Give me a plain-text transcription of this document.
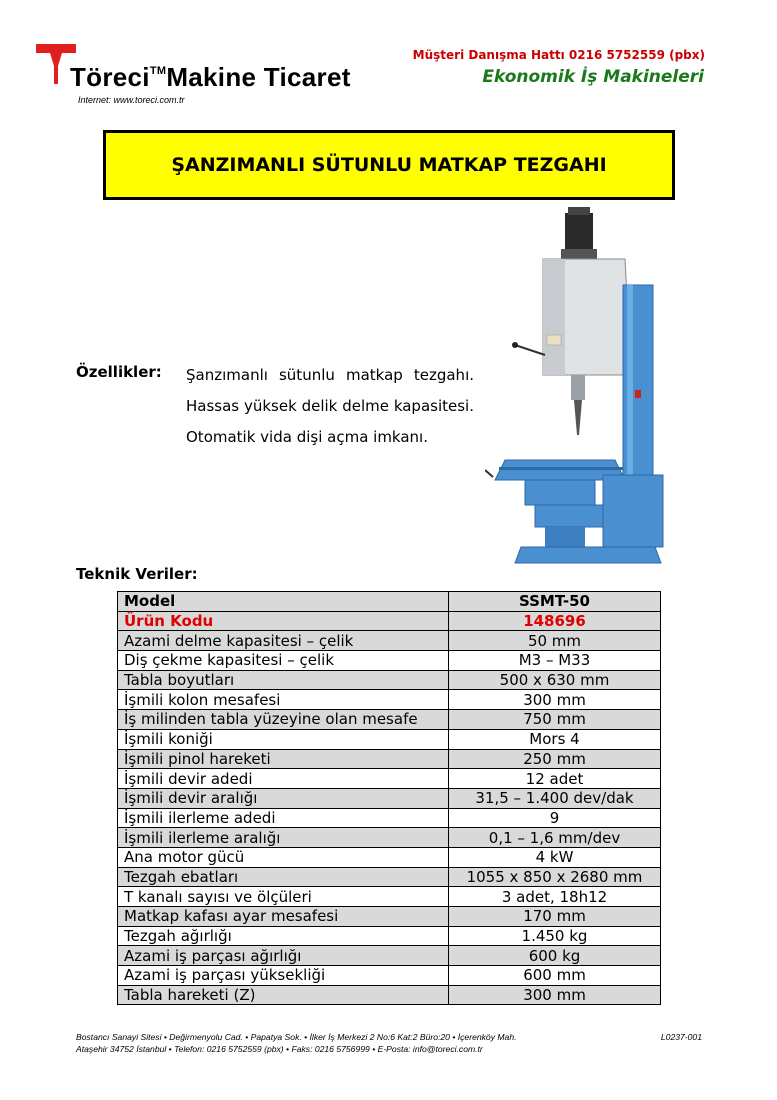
Töreci™Makine Ticaret
Internet: www.toreci.com.tr
Müşteri Danışma Hattı 0216 5752559 (pbx)
Ekonomik İş Makineleri
ŞANZIMANLI SÜTUNLU MATKAP TEZGAHI
Özellikler: Şanzımanlı sütunlu matkap tezgahı. Hassas yüksek delik delme kapasitesi. Otomatik vida dişi açma imkanı.
Teknik Veriler:
Model	SSMT-50
Ürün Kodu	148696
Azami delme kapasitesi – çelik	50 mm
Diş çekme kapasitesi – çelik	M3 – M33
Tabla boyutları	500 x 630 mm
İşmili kolon mesafesi	300 mm
İş milinden tabla yüzeyine olan mesafe	750 mm
İşmili koniği	Mors 4
İşmili pinol hareketi	250 mm
İşmili devir adedi	12 adet
İşmili devir aralığı	31,5 – 1.400 dev/dak
İşmili ilerleme adedi	9
İşmili ilerleme aralığı	0,1 – 1,6 mm/dev
Ana motor gücü	4 kW
Tezgah ebatları	1055 x 850 x 2680 mm
T kanalı sayısı ve ölçüleri	3 adet, 18h12
Matkap kafası ayar mesafesi	170 mm
Tezgah ağırlığı	1.450 kg
Azami iş parçası ağırlığı	600 kg
Azami iş parçası yüksekliği	600 mm
Tabla hareketi (Z)	300 mm
Bostancı Sanayi Sitesi • Değirmenyolu Cad. • Papatya Sok. • İlker İş Merkezi 2 No:6 Kat:2 Büro:20 • İçerenköy Mah.
Ataşehir 34752 İstanbul • Telefon: 0216 5752559 (pbx) • Faks: 0216 5756999 • E-Posta: info@toreci.com.tr
L0237-001
